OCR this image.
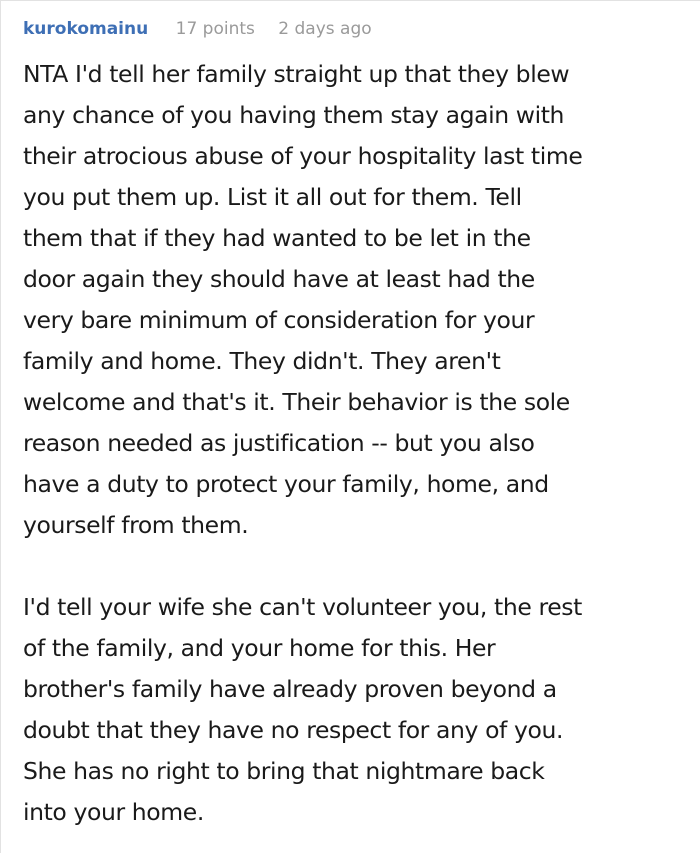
kurokomainu 17 points 2 days ago
NTA I'd tell her family straight up that they blew
any chance of you having them stay again with
their atrocious abuse of your hospitality last time
you put them up. List it all out for them. Tell
them that if they had wanted to be let in the
door again they should have at least had the
very bare minimum of consideration for your
family and home. They didn't. They aren't
welcome and that's it. Their behavior is the sole
reason needed as justification -- but you also
have a duty to protect your family, home, and
yourself from them.
I'd tell your wife she can't volunteer you, the rest
of the family, and your home for this. Her
brother's family have already proven beyond a
doubt that they have no respect for any of you.
She has no right to bring that nightmare back
into your home.
